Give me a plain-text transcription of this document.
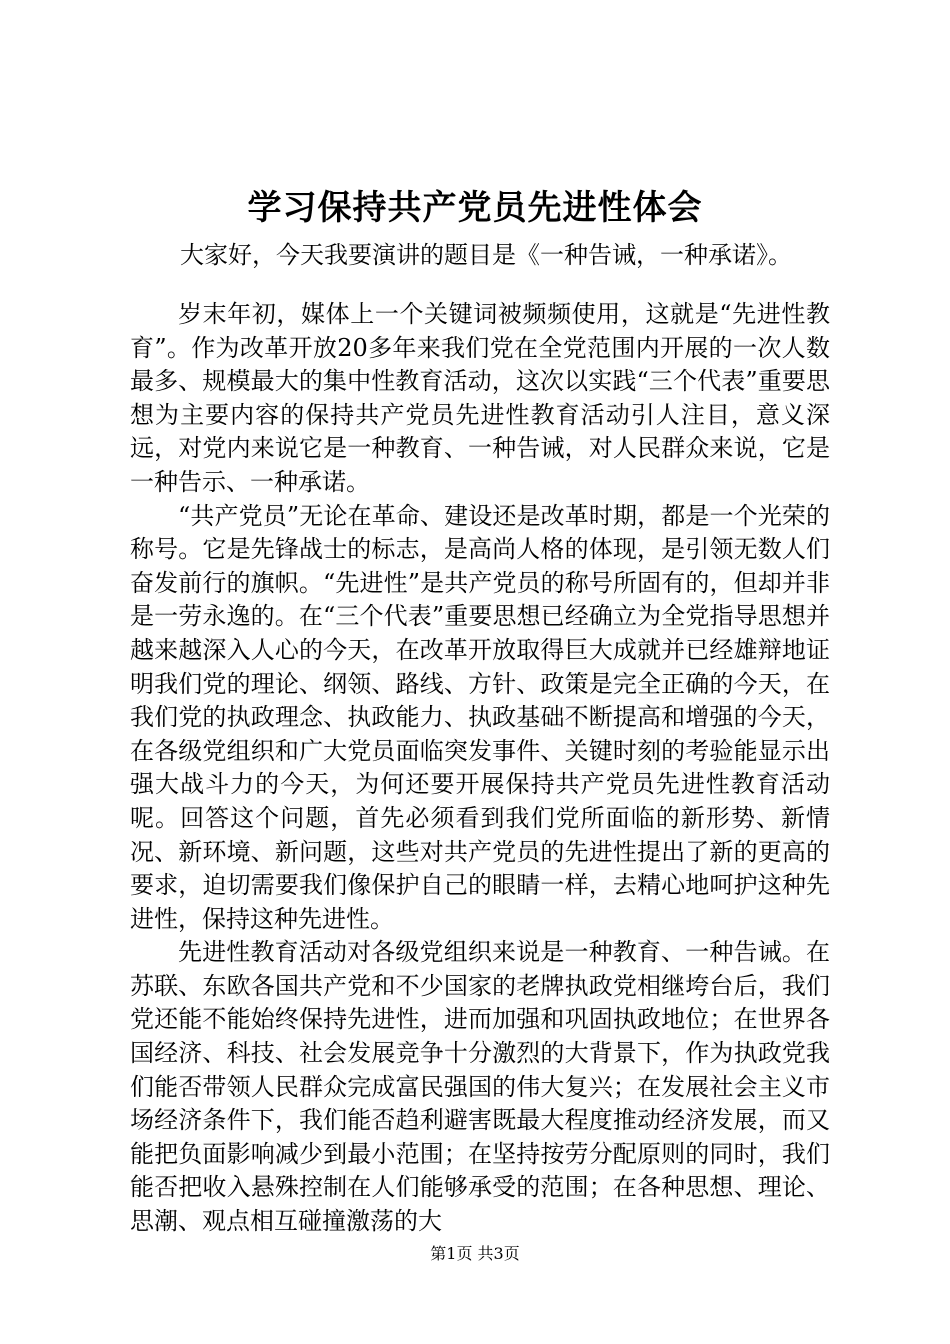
学习保持共产党员先进性体会

大家好，今天我要演讲的题目是《一种告诫，一种承诺》。

岁末年初，媒体上一个关键词被频频使用，这就是“先进性教育”。作为改革开放20多年来我们党在全党范围内开展的一次人数最多、规模最大的集中性教育活动，这次以实践“三个代表”重要思想为主要内容的保持共产党员先进性教育活动引人注目，意义深远，对党内来说它是一种教育、一种告诫，对人民群众来说，它是一种告示、一种承诺。

“共产党员”无论在革命、建设还是改革时期，都是一个光荣的称号。它是先锋战士的标志，是高尚人格的体现，是引领无数人们奋发前行的旗帜。“先进性”是共产党员的称号所固有的，但却并非是一劳永逸的。在“三个代表”重要思想已经确立为全党指导思想并越来越深入人心的今天，在改革开放取得巨大成就并已经雄辩地证明我们党的理论、纲领、路线、方针、政策是完全正确的今天，在我们党的执政理念、执政能力、执政基础不断提高和增强的今天，在各级党组织和广大党员面临突发事件、关键时刻的考验能显示出强大战斗力的今天，为何还要开展保持共产党员先进性教育活动呢。回答这个问题，首先必须看到我们党所面临的新形势、新情况、新环境、新问题，这些对共产党员的先进性提出了新的更高的要求，迫切需要我们像保护自己的眼睛一样，去精心地呵护这种先进性，保持这种先进性。

先进性教育活动对各级党组织来说是一种教育、一种告诫。在苏联、东欧各国共产党和不少国家的老牌执政党相继垮台后，我们党还能不能始终保持先进性，进而加强和巩固执政地位；在世界各国经济、科技、社会发展竞争十分激烈的大背景下，作为执政党我们能否带领人民群众完成富民强国的伟大复兴；在发展社会主义市场经济条件下，我们能否趋利避害既最大程度推动经济发展，而又能把负面影响减少到最小范围；在坚持按劳分配原则的同时，我们能否把收入悬殊控制在人们能够承受的范围；在各种思想、理论、思潮、观点相互碰撞激荡的大

第1页 共3页
